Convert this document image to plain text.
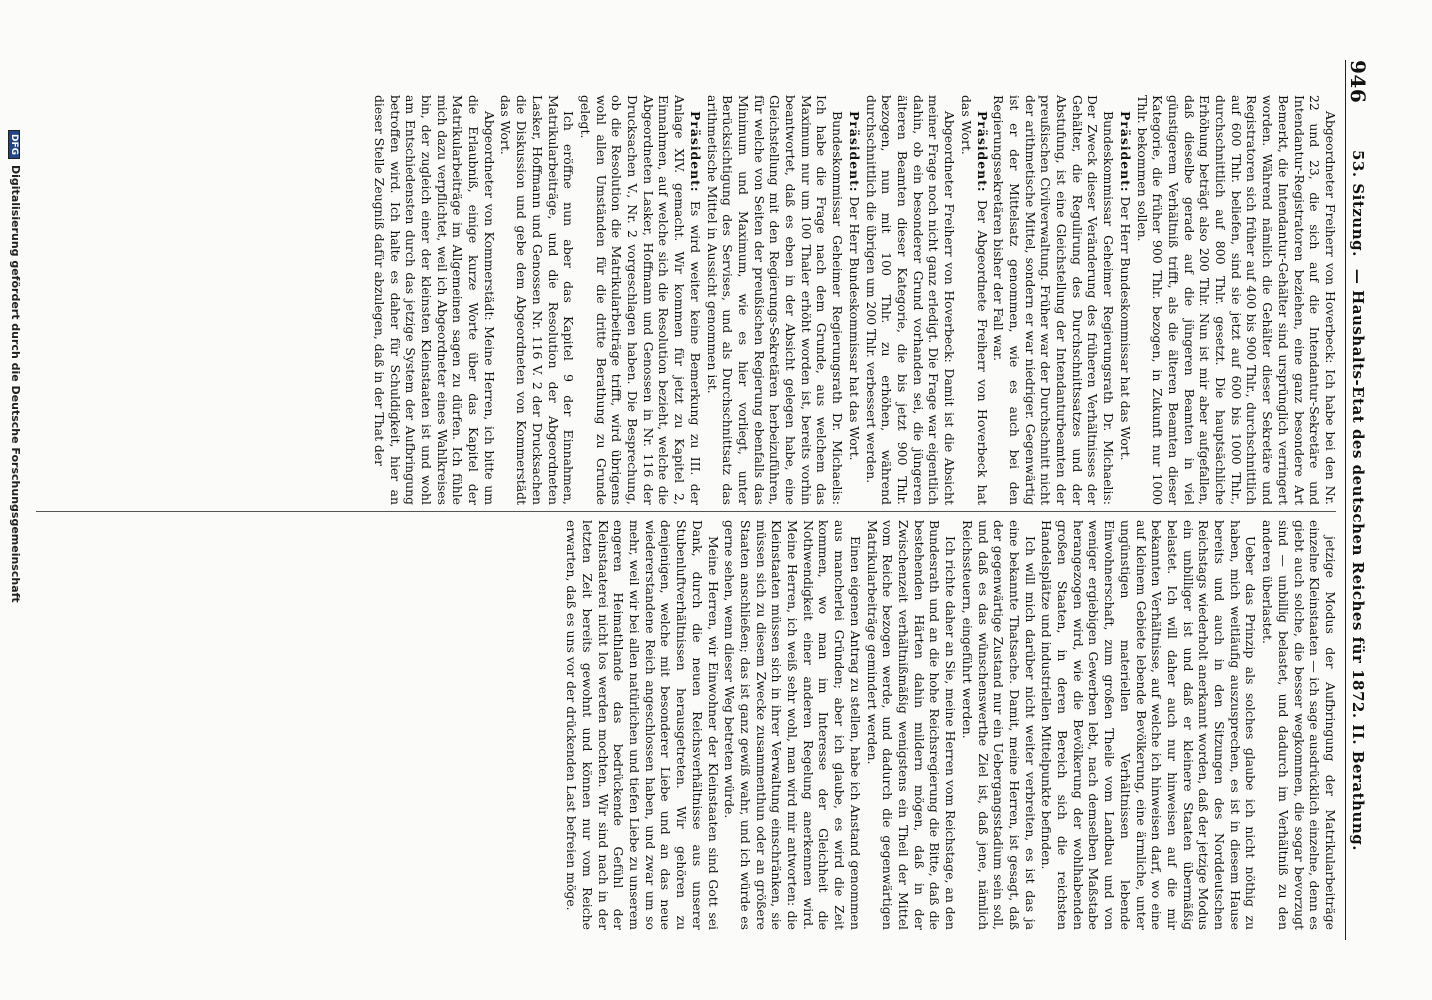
946
53. Sitzung.— Haushalts-Etat des deutschen Reiches für 1872. II. Berathung.

Abgeordneter Freiherr von Hoverbeck: Ich habe bei den Nr. 22 und 23, die sich auf die Intendantur-Sekretäre und Intendantur-Registratoren beziehen, eine ganz besondere Art Bemerkt, die Intendantur-Gehälter sind ursprünglich verringert worden. Während nämlich die Gehälter dieser Sekretäre und Registratoren sich früher auf 400 bis 900 Thlr., durchschnittlich auf 600 Thlr. beliefen, sind sie jetzt auf 600 bis 1000 Thlr., durchschnittlich auf 800 Thlr. gesetzt. Die hauptsächliche Erhöhung beträgt also 200 Thlr. Nun ist mir aber aufgefallen, daß dieselbe gerade auf die jüngeren Beamten in viel günstigerem Verhältniß trifft, als die älteren Beamten dieser Kategorie, die früher 900 Thlr. bezogen, in Zukunft nur 1000 Thlr. bekommen sollen.

Präsident: Der Herr Bundeskommissar hat das Wort.

Bundeskommissar Geheimer Regierungsrath Dr. Michaelis: Der Zweck dieser Veränderung des früheren Verhältnisses der Gehälter, die Regulirung des Durchschnittssatzes und der Abstufung, ist eine Gleichstellung der Intendanturbeamten der preußischen Civilverwaltung. Früher war der Durchschnitt nicht der arithmetische Mittel, sondern er war niedriger. Gegenwärtig ist er der Mittelsatz genommen, wie es auch bei den Regierungssekretären bisher der Fall war.

Präsident: Der Abgeordnete Freiherr von Hoverbeck hat das Wort.

Abgeordneter Freiherr von Hoverbeck: Damit ist die Absicht meiner Frage noch nicht ganz erledigt. Die Frage war eigentlich dahin, ob ein besonderer Grund vorhanden sei, die jüngeren älteren Beamten dieser Kategorie, die bis jetzt 900 Thlr. bezogen, nun mit 100 Thlr. zu erhöhen, während durchschnittlich die übrigen um 200 Thlr. verbessert werden.

Präsident: Der Herr Bundeskommissar hat das Wort.

Bundeskommissar Geheimer Regierungsrath Dr. Michaelis: Ich habe die Frage nach dem Grunde, aus welchem das Maximum nur um 100 Thaler erhöht worden ist, bereits vorhin beantwortet, daß es eben in der Absicht gelegen habe, eine Gleichstellung mit den Regierungs-Sekretären herbeizuführen, für welche von Seiten der preußischen Regierung ebenfalls das Minimum und Maximum, wie es hier vorliegt, unter Berücksichtigung des Servises, und als Durchschnittsatz das arithmetische Mittel in Aussicht genommen ist.

Präsident: Es wird weiter keine Bemerkung zu III. der Anlage XIV. gemacht. Wir kommen für jetzt zu Kapitel 2, Einnahmen, auf welche sich die Resolution bezieht, welche die Abgeordneten Lasker, Hoffmann und Genossen in Nr. 116 der Drucksachen V., Nr. 2 vorgeschlagen haben. Die Besprechung, ob die Resolution die Matrikularbeiträge trifft, wird übrigens wohl allen Umständen für die dritte Berathung zu Grunde gelegt.

Ich eröffne nun aber das Kapitel 9 der Einnahmen, Matrikularbeiträge, und die Resolution der Abgeordneten Lasker, Hoffmann und Genossen Nr. 116 V. 2 der Drucksachen die Diskussion und gebe dem Abgeordneten von Kommerstädt das Wort.

Abgeordneter von Kommerstädt: Meine Herren, ich bitte um die Erlaubniß, einige kurze Worte über das Kapitel der Matrikularbeiträge im Allgemeinen sagen zu dürfen. Ich fühle mich dazu verpflichtet, weil ich Abgeordneter eines Wahlkreises bin, der zugleich einer der kleinsten Kleinstaaten ist und wohl am Entschiedensten durch das jetzige System der Aufbringung betroffen wird. Ich halte es daher für Schuldigkeit, hier an dieser Stelle Zeugniß dafür abzulegen, daß in der That der

jetzige Modus der Aufbringung der Matrikularbeiträge einzelne Kleinstaaten — ich sage ausdrücklich einzelne, denn es giebt auch solche, die besser wegkommen, die sogar bevorzugt sind — unbillig belastet, und dadurch im Verhältniß zu den anderen überlastet.

Ueber das Prinzip als solches glaube ich nicht nöthig zu haben, mich weitläufig auszusprechen, es ist in diesem Hause bereits und auch in den Sitzungen des Norddeutschen Reichstags wiederholt anerkannt worden, daß der jetzige Modus ein unbilliger ist und daß er kleinere Staaten übermäßig belastet. Ich will daher auch nur hinweisen auf die mir bekannten Verhältnisse, auf welche ich hinweisen darf, wo eine auf kleinem Gebiete lebende Bevölkerung, eine ärmliche, unter ungünstigen materiellen Verhältnissen lebende Einwohnerschaft, zum großen Theile vom Landbau und von weniger ergiebigen Gewerben lebt, nach demselben Maßstabe herangezogen wird, wie die Bevölkerung der wohlhabenden großen Staaten, in deren Bereich sich die reichsten Handelsplätze und industriellen Mittelpunkte befinden.

Ich will mich darüber nicht weiter verbreiten, es ist das ja eine bekannte Thatsache. Damit, meine Herren, ist gesagt, daß der gegenwärtige Zustand nur ein Uebergangsstadium sein soll, und daß es das wünschenswerthe Ziel ist, daß jene, nämlich Reichssteuern, eingeführt werden.

Ich richte daher an Sie, meine Herren vom Reichstage, an den Bundesrath und an die hohe Reichsregierung die Bitte, daß die bestehenden Härten dahin mildern mögen, daß in der Zwischenzeit verhältnißmäßig wenigstens ein Theil der Mittel vom Reiche bezogen werde, und dadurch die gegenwärtigen Matrikularbeiträge gemindert werden.

Einen eigenen Antrag zu stellen, habe ich Anstand genommen aus mancherlei Gründen; aber ich glaube, es wird die Zeit kommen, wo man im Interesse der Gleichheit die Nothwendigkeit einer anderen Regelung anerkennen wird. Meine Herren, ich weiß sehr wohl, man wird mir antworten: die Kleinstaaten müssen sich in ihrer Verwaltung einschränken, sie müssen sich zu diesem Zwecke zusammenthun oder an größere Staaten anschließen; das ist ganz gewiß wahr, und ich würde es gerne sehen, wenn dieser Weg betreten würde.

Meine Herren, wir Einwohner der Kleinstaaten sind Gott sei Dank, durch die neuen Reichsverhältnisse aus unserer Stubenluftverhältnissen herausgetreten. Wir gehören zu denjenigen, welche mit besonderer Liebe und an das neue wiedererstandene Reich angeschlossen haben, und zwar um so mehr, weil wir bei allen natürlichen und tiefen Liebe zu unserem engeren Heimathlande das bedrückende Gefühl der Kleinstaaterei nicht los werden mochten. Wir sind nach in der letzten Zeit bereits gewohnt und können nur vom Reiche erwarten, daß es uns vor der drückenden Last befreien möge.

DFGDigitalisierung gefördert durch die Deutsche Forschungsgemeinschaft
